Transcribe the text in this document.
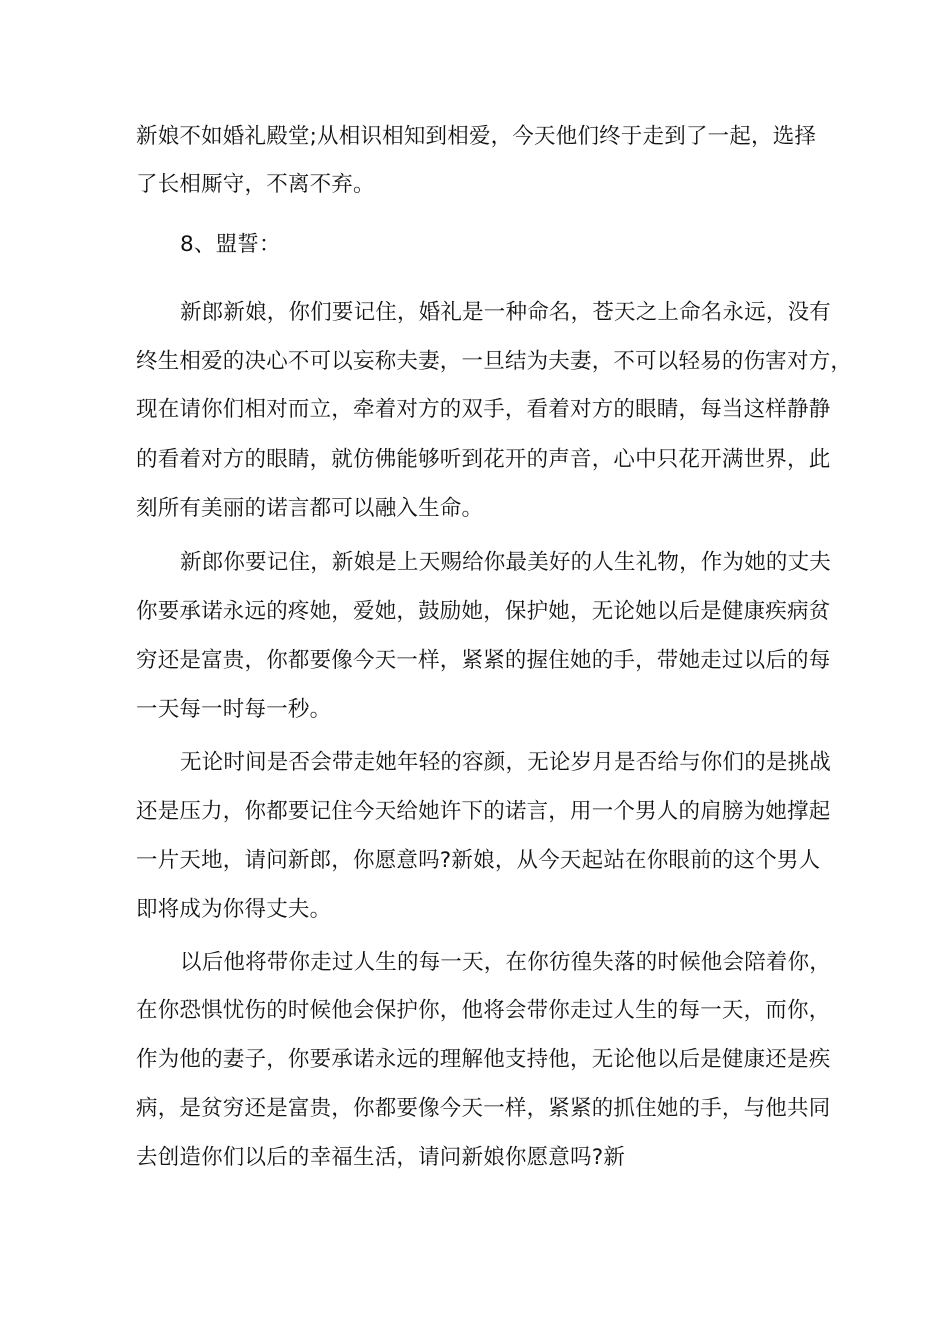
新娘不如婚礼殿堂;从相识相知到相爱，今天他们终于走到了一起，选择

了长相厮守，不离不弃。

8、盟誓：

新郎新娘，你们要记住，婚礼是一种命名，苍天之上命名永远，没有

终生相爱的决心不可以妄称夫妻，一旦结为夫妻，不可以轻易的伤害对方，

现在请你们相对而立，牵着对方的双手，看着对方的眼睛，每当这样静静

的看着对方的眼睛，就仿佛能够听到花开的声音，心中只花开满世界，此

刻所有美丽的诺言都可以融入生命。

新郎你要记住，新娘是上天赐给你最美好的人生礼物，作为她的丈夫

你要承诺永远的疼她，爱她，鼓励她，保护她，无论她以后是健康疾病贫

穷还是富贵，你都要像今天一样，紧紧的握住她的手，带她走过以后的每

一天每一时每一秒。

无论时间是否会带走她年轻的容颜，无论岁月是否给与你们的是挑战

还是压力，你都要记住今天给她许下的诺言，用一个男人的肩膀为她撑起

一片天地，请问新郎，你愿意吗?新娘，从今天起站在你眼前的这个男人

即将成为你得丈夫。

以后他将带你走过人生的每一天，在你彷徨失落的时候他会陪着你，

在你恐惧忧伤的时候他会保护你，他将会带你走过人生的每一天，而你，

作为他的妻子，你要承诺永远的理解他支持他，无论他以后是健康还是疾

病，是贫穷还是富贵，你都要像今天一样，紧紧的抓住她的手，与他共同

去创造你们以后的幸福生活，请问新娘你愿意吗?新
